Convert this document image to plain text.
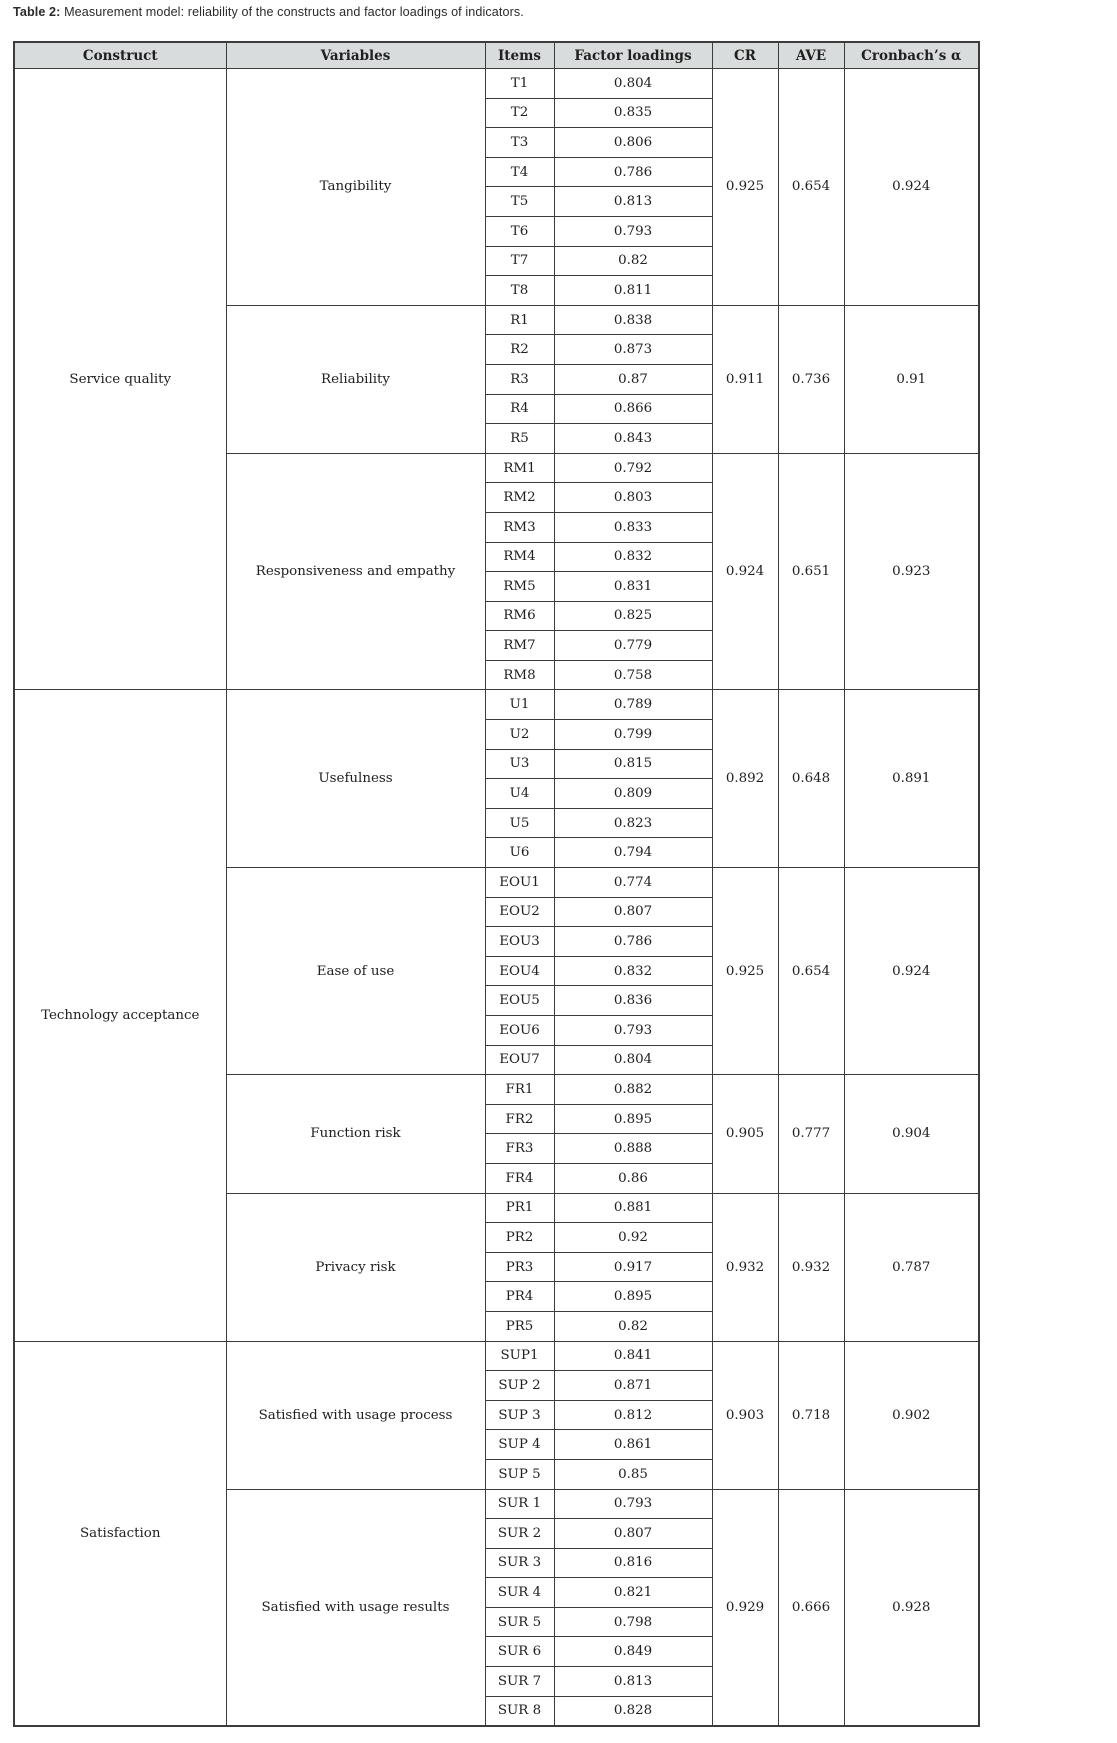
Table 2: Measurement model: reliability of the constructs and factor loadings of indicators.

Construct	Variables	Items	Factor loadings	CR	AVE	Cronbach’s α
Service quality	Tangibility	T1	0.804	0.925	0.654	0.924
		T2	0.835			
		T3	0.806			
		T4	0.786			
		T5	0.813			
		T6	0.793			
		T7	0.82			
		T8	0.811			
	Reliability	R1	0.838	0.911	0.736	0.91
		R2	0.873			
		R3	0.87			
		R4	0.866			
		R5	0.843			
	Responsiveness and empathy	RM1	0.792	0.924	0.651	0.923
		RM2	0.803			
		RM3	0.833			
		RM4	0.832			
		RM5	0.831			
		RM6	0.825			
		RM7	0.779			
		RM8	0.758			
Technology acceptance	Usefulness	U1	0.789	0.892	0.648	0.891
		U2	0.799			
		U3	0.815			
		U4	0.809			
		U5	0.823			
		U6	0.794			
	Ease of use	EOU1	0.774	0.925	0.654	0.924
		EOU2	0.807			
		EOU3	0.786			
		EOU4	0.832			
		EOU5	0.836			
		EOU6	0.793			
		EOU7	0.804			
	Function risk	FR1	0.882	0.905	0.777	0.904
		FR2	0.895			
		FR3	0.888			
		FR4	0.86			
	Privacy risk	PR1	0.881	0.932	0.932	0.787
		PR2	0.92			
		PR3	0.917			
		PR4	0.895			
		PR5	0.82			
Satisfaction	Satisfied with usage process	SUP1	0.841	0.903	0.718	0.902
		SUP 2	0.871			
		SUP 3	0.812			
		SUP 4	0.861			
		SUP 5	0.85			
	Satisfied with usage results	SUR 1	0.793	0.929	0.666	0.928
		SUR 2	0.807			
		SUR 3	0.816			
		SUR 4	0.821			
		SUR 5	0.798			
		SUR 6	0.849			
		SUR 7	0.813			
		SUR 8	0.828			
